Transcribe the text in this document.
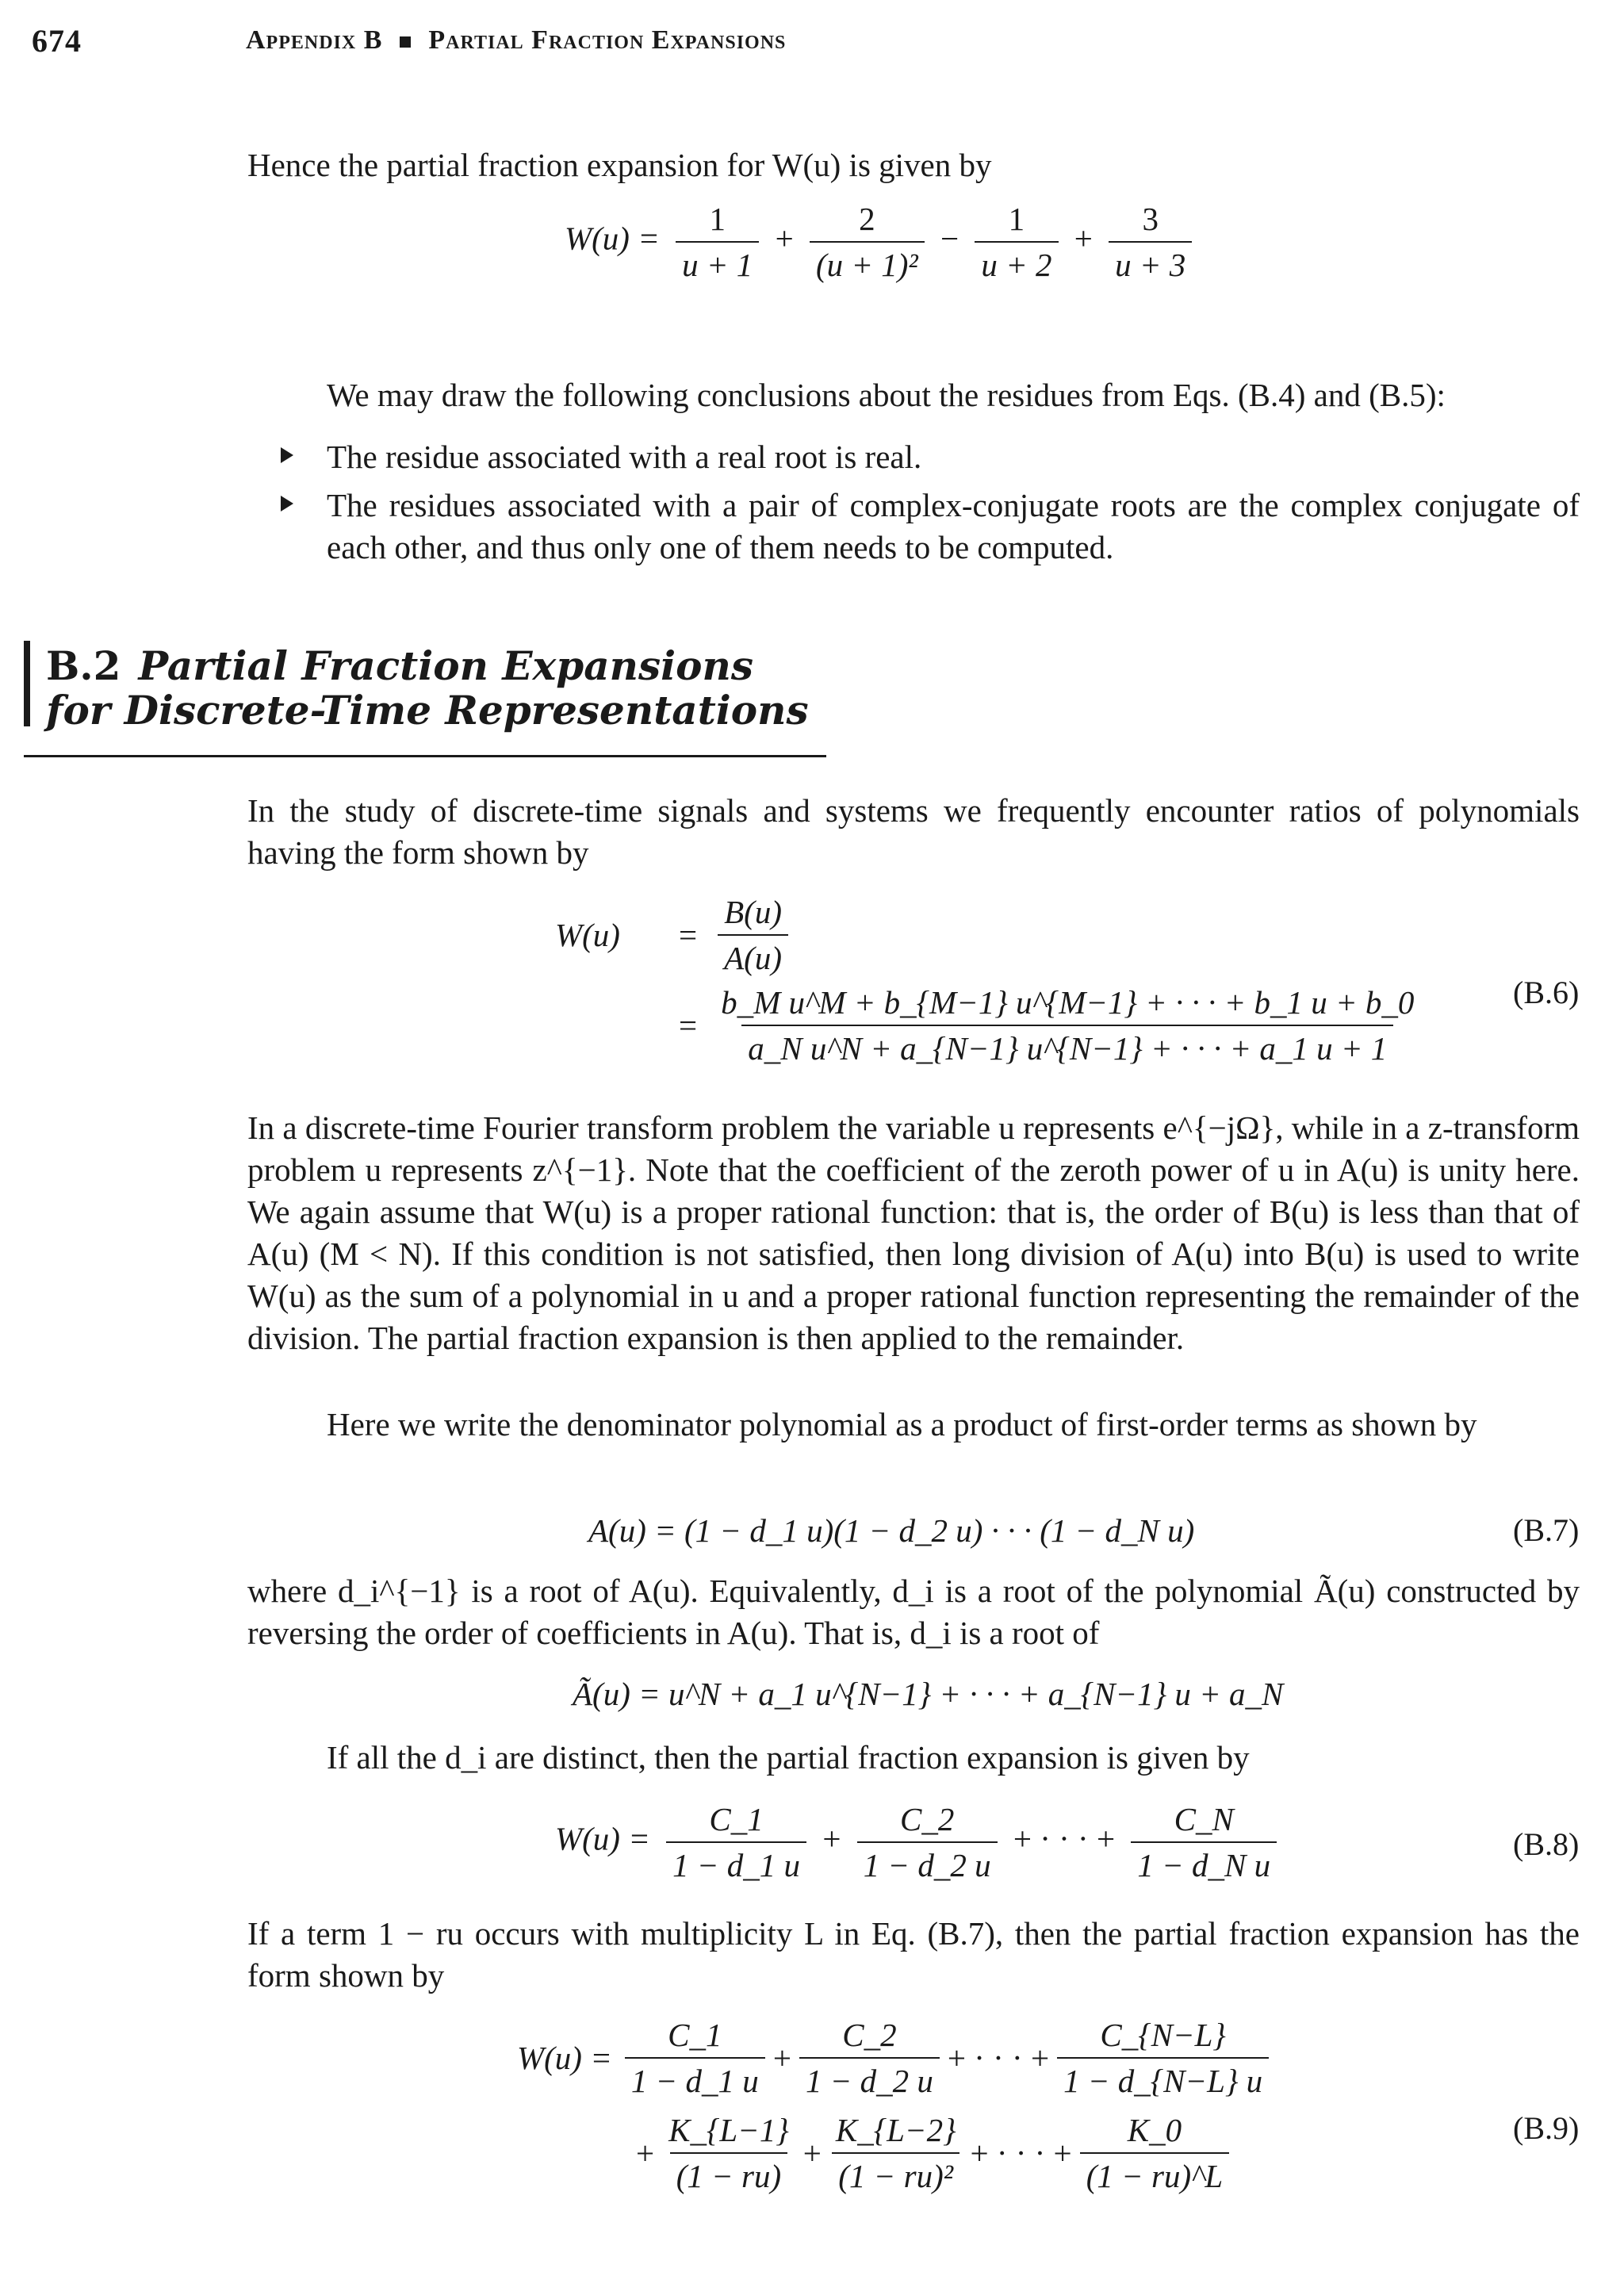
674	Appendix B Partial Fraction Expansions

Hence the partial fraction expansion for W(u) is given by

$W(u) = \frac{1}{u + 1} + \frac{2}{\text{(u + 1)²}} - \frac{1}{u + 2} + \frac{3}{u + 3}$

We may draw the following conclusions about the residues from Eqs. (B.4) and (B.5):

The residue associated with a real root is real.
The residues associated with a pair of complex-conjugate roots are the complex conjugate of each other, and thus only one of them needs to be computed.
B.2 Partial Fraction Expansions
for Discrete-Time Representations

In the study of discrete-time signals and systems we frequently encounter ratios of polynomials having the form shown by

W(u)	= $\frac{B(u)}{A(u)}$
= $\frac{\text{b\_M u\textasciicircum{}M + b\_\{M−1\} u\textasciicircum{}\{M−1\} + · · · + b\_1 u + b\_0}}{\text{a\_N u\textasciicircum{}N + a\_\{N−1\} u\textasciicircum{}\{N−1\} + · · · + a\_1 u + 1}}$	(B.6)

In a discrete-time Fourier transform problem the variable u represents e^{−jΩ}, while in a z-transform problem u represents z^{−1}. Note that the coefficient of the zeroth power of u in A(u) is unity here. We again assume that W(u) is a proper rational function: that is, the order of B(u) is less than that of A(u) (M < N). If this condition is not satisfied, then long division of A(u) into B(u) is used to write W(u) as the sum of a polynomial in u and a proper rational function representing the remainder of the division. The partial fraction expansion is then applied to the remainder.

Here we write the denominator polynomial as a product of first-order terms as shown by

A(u) = (1 − d_1 u)(1 − d_2 u) · · · (1 − d_N u)	(B.7)

where d_i^{−1} is a root of A(u). Equivalently, d_i is a root of the polynomial Ã(u) constructed by reversing the order of coefficients in A(u). That is, d_i is a root of

Ã(u) = u^N + a_1 u^{N−1} + · · · + a_{N−1} u + a_N

If all the d_i are distinct, then the partial fraction expansion is given by

$W(u) = \frac{C\_1}{1 - d\_1 u} + \frac{C\_2}{1 - d\_2 u}$ + · · · + $\frac{C\_N}{\text{1 − d\_N u}}$	(B.8)

If a term 1 − ru occurs with multiplicity L in Eq. (B.7), then the partial fraction expansion has the form shown by

$W(u) = \frac{C\_1}{1 - d\_1 u} + \frac{C\_2}{1 - d\_2 u}$ + · · · + $\frac{C\_\{N-L\}}{1 - d\_\{N-L\} u}$
+ $\frac{K\_\{L-1\}}{(1 - ru)} + \frac{K\_\{L-2\}}{\text{(1 − ru)²}}$ + · · · + $\frac{K\_0}{(1 - ru)\^{}L}$	(B.9)
